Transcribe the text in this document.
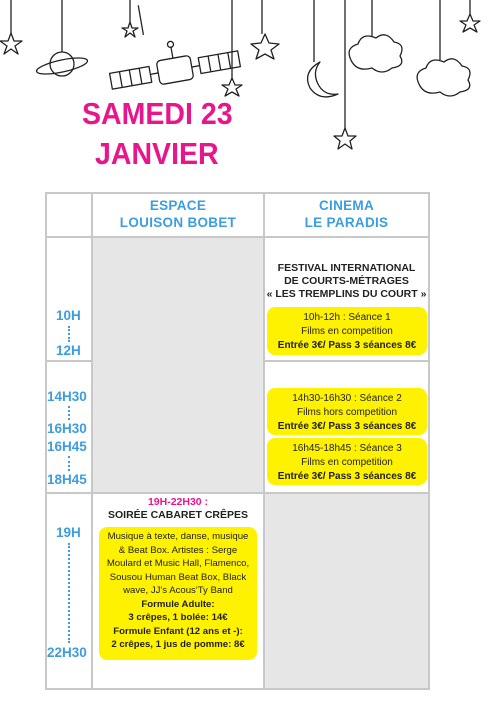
SAMEDI 23
JANVIER
ESPACE
LOUISON BOBET
CINEMA
LE PARADIS
10H
12H
14H30
16H30
16H45
18H45
19H
22H30
FESTIVAL INTERNATIONAL
DE COURTS-MÉTRAGES
« LES TREMPLINS DU COURT »
10h-12h : Séance 1
Films en competition
Entrée 3€/ Pass 3 séances 8€
14h30-16h30 : Séance 2
Films hors competition
Entrée 3€/ Pass 3 séances 8€
16h45-18h45 : Séance 3
Films en competition
Entrée 3€/ Pass 3 séances 8€
19H-22H30 :
SOIRÉE CABARET CRÊPES
Musique à texte, danse, musique
& Beat Box. Artistes : Serge
Moulard et Music Hall, Flamenco,
Sousou Human Beat Box, Black
wave, JJ's Acous'Ty Band
Formule Adulte:
3 crêpes, 1 bolée: 14€
Formule Enfant (12 ans et -):
2 crêpes, 1 jus de pomme: 8€
